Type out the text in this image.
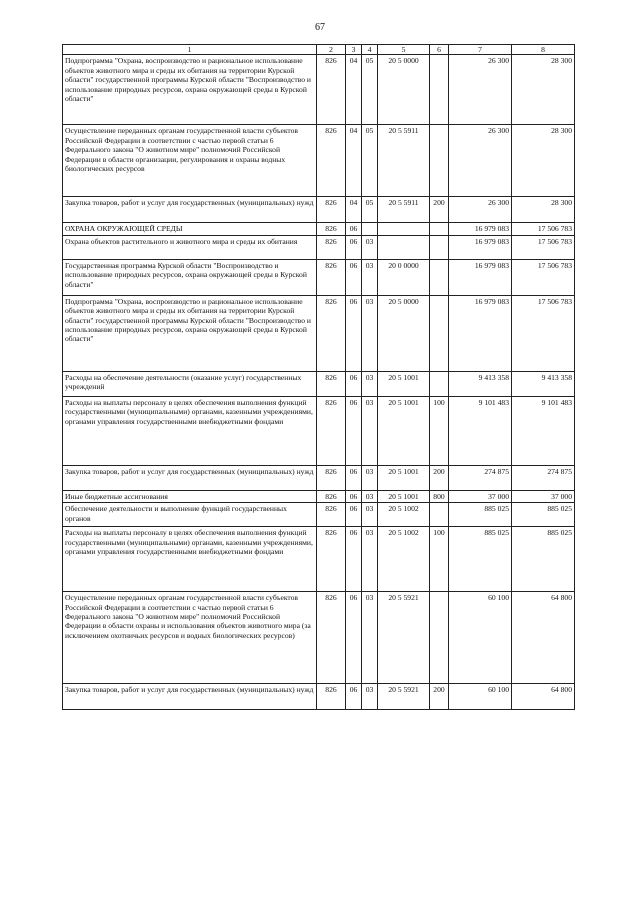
67
1	2	3	4	5	6	7	8
Подпрограмма "Охрана, воспроизводство и рациональное использование объектов животного мира и среды их обитания на территории Курской области" государственной программы Курской области "Воспроизводство и использование природных ресурсов, охрана окружающей среды в Курской области"	826	04	05	20 5 0000		26 300	28 300
Осуществление переданных органам государственной власти субъектов Российской Федерации в соответствии с частью первой статьи 6 Федерального закона "О животном мире" полномочий Российской Федерации в области организации, регулирования и охраны водных биологических ресурсов	826	04	05	20 5 5911		26 300	28 300
Закупка товаров, работ и услуг для государственных (муниципальных) нужд	826	04	05	20 5 5911	200	26 300	28 300
ОХРАНА ОКРУЖАЮЩЕЙ СРЕДЫ	826	06				16 979 083	17 506 783
Охрана объектов растительного и животного мира и среды их обитания	826	06	03			16 979 083	17 506 783
Государственная программа Курской области "Воспроизводство и использование природных ресурсов, охрана окружающей среды в Курской области"	826	06	03	20 0 0000		16 979 083	17 506 783
Подпрограмма "Охрана, воспроизводство и рациональное использование объектов животного мира и среды их обитания на территории Курской области" государственной программы Курской области "Воспроизводство и использование природных ресурсов, охрана окружающей среды в Курской области"	826	06	03	20 5 0000		16 979 083	17 506 783
Расходы на обеспечение деятельности (оказание услуг) государственных учреждений	826	06	03	20 5 1001		9 413 358	9 413 358
Расходы на выплаты персоналу в целях обеспечения выполнения функций государственными (муниципальными) органами, казенными учреждениями, органами управления государственными внебюджетными фондами	826	06	03	20 5 1001	100	9 101 483	9 101 483
Закупка товаров, работ и услуг для государственных (муниципальных) нужд	826	06	03	20 5 1001	200	274 875	274 875
Иные бюджетные ассигнования	826	06	03	20 5 1001	800	37 000	37 000
Обеспечение деятельности и выполнение функций государственных органов	826	06	03	20 5 1002		885 025	885 025
Расходы на выплаты персоналу в целях обеспечения выполнения функций государственными (муниципальными) органами, казенными учреждениями, органами управления государственными внебюджетными фондами	826	06	03	20 5 1002	100	885 025	885 025
Осуществление переданных органам государственной власти субъектов Российской Федерации в соответствии с частью первой статьи 6 Федерального закона "О животном мире" полномочий Российской Федерации в области охраны и использования объектов животного мира (за исключением охотничьих ресурсов и водных биологических ресурсов)	826	06	03	20 5 5921		60 100	64 800
Закупка товаров, работ и услуг для государственных (муниципальных) нужд	826	06	03	20 5 5921	200	60 100	64 800
